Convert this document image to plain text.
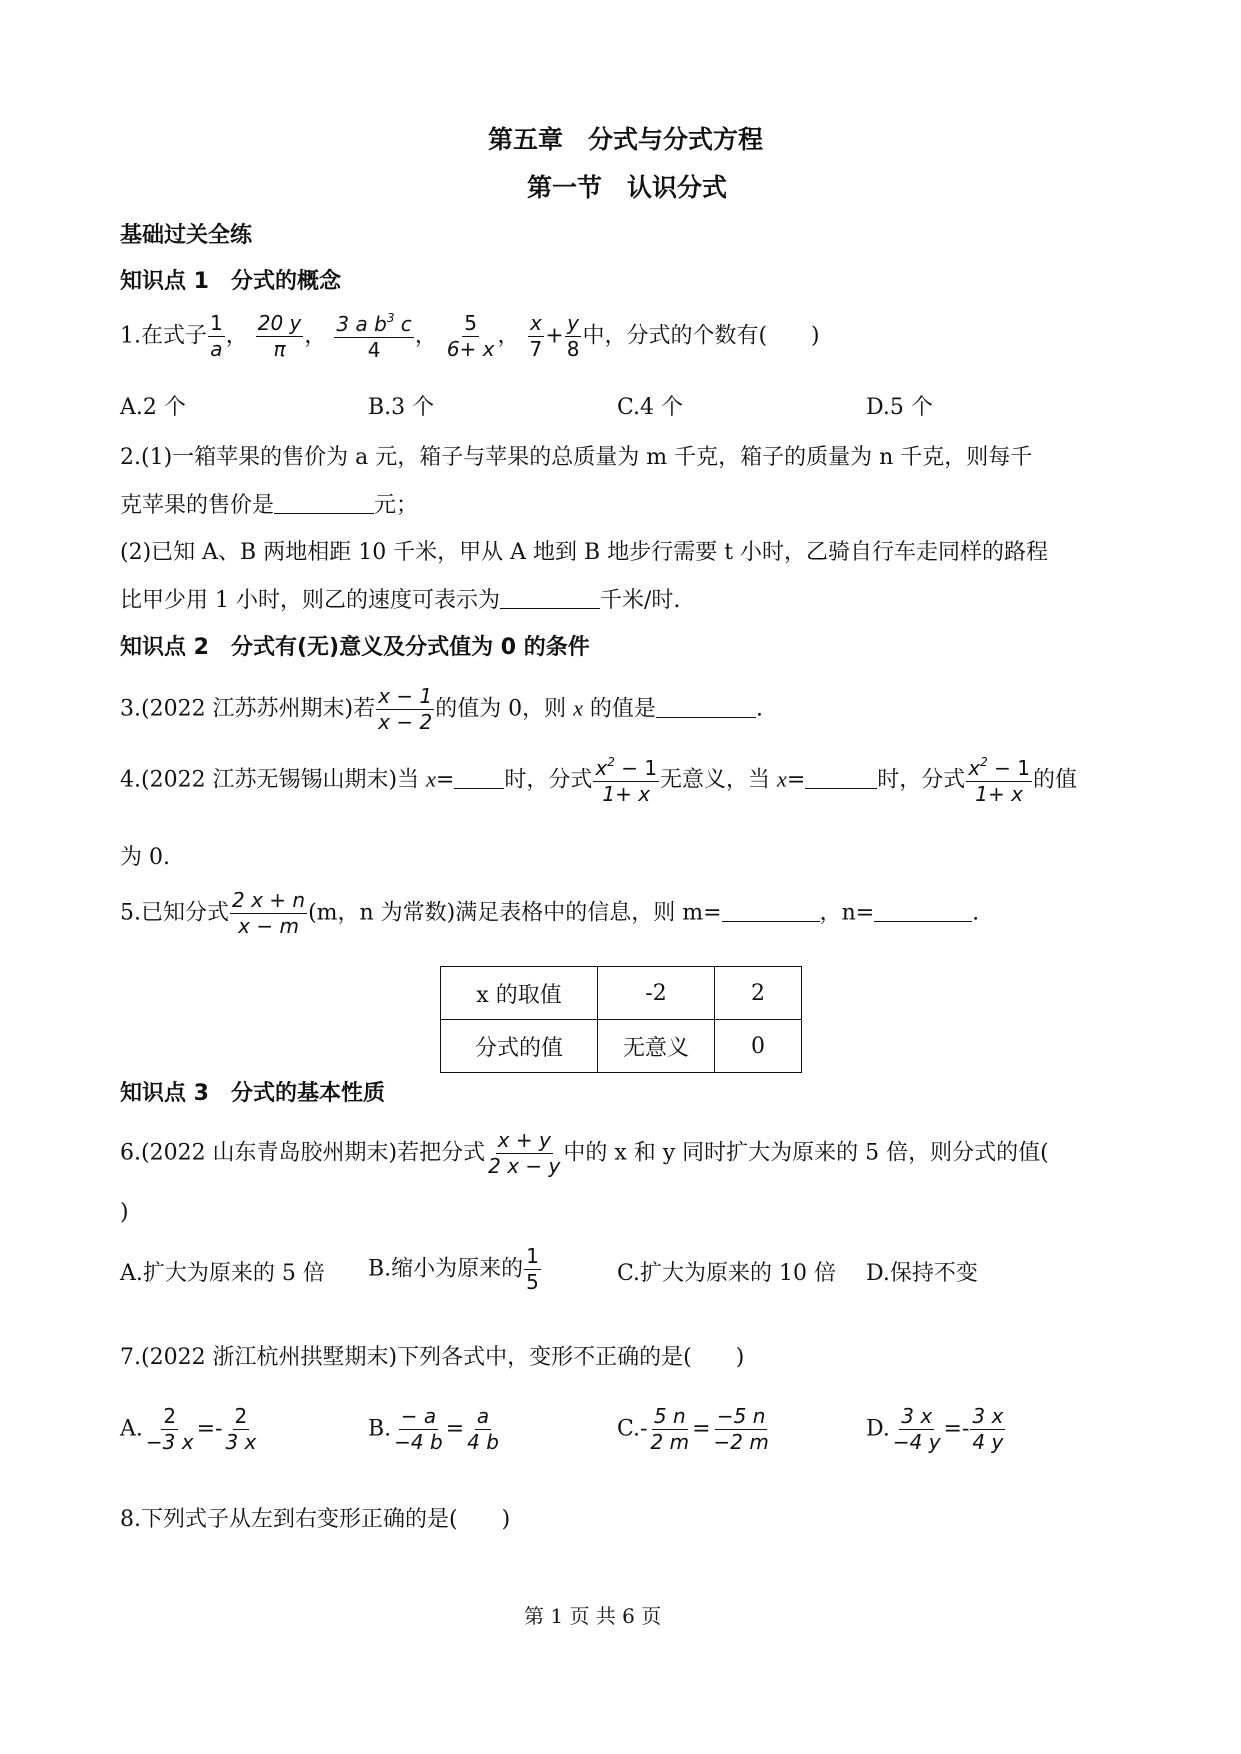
第五章　分式与分式方程
第一节　认识分式
基础过关全练
知识点 1　分式的概念
1.在式子 $\frac{1}{a}$ ， $\frac{20 y}{\pi}$ ， $\frac{3 a b^3 c}{4}$ ， $\frac{5}{6+ x}$ ， $\frac{x}{7} + \frac{y}{8}$ 中，分式的个数有(　　)
A.2 个	B.3 个	C.4 个	D.5 个
2.(1)一箱苹果的售价为 a 元，箱子与苹果的总质量为 m 千克，箱子的质量为 n 千克，则每千
克苹果的售价是	元；
(2)已知 A、B 两地相距 10 千米，甲从 A 地到 B 地步行需要 t 小时，乙骑自行车走同样的路程
比甲少用 1 小时，则乙的速度可表示为	千米/时.
知识点 2　分式有(无)意义及分式值为 0 的条件
3.(2022 江苏苏州期末)若 $\frac{x - 1}{x - 2}$ 的值为 0，则 x 的值是	.
4.(2022 江苏无锡锡山期末)当 x= 时，分式 $\frac{x^2 - 1}{1+ x}$ 无意义，当 x=	时，分式 $\frac{x^2 - 1}{1+ x}$ 的值
为 0.
5.已知分式 $\frac{2 x + n}{x - m} (m$，n 为常数)满足表格中的信息，则 m=	，n=	.
x 的取值	-2	2
分式的值	无意义	0
知识点 3　分式的基本性质
6.(2022 山东青岛胶州期末)若把分式 $\frac{x + y}{2 x - y}$ 中的 x 和 y 同时扩大为原来的 5 倍，则分式的值(
)
A.扩大为原来的 5 倍 B.缩小为原来的 $\frac{1}{5}$	C.扩大为原来的 10 倍 D.保持不变
7.(2022 浙江杭州拱墅期末)下列各式中，变形不正确的是(　　)
A. $\frac{2}{-3 x} =- \frac{2}{3 x}$	B. $\frac{- a}{-4 b} = \frac{a}{4 b}$	$C.- \frac{5 n}{2 m} = \frac{-5 n}{-2 m}$	D. $\frac{3 x}{-4 y} =- \frac{3 x}{4 y}$
8.下列式子从左到右变形正确的是(　　)
第 1 页 共 6 页
